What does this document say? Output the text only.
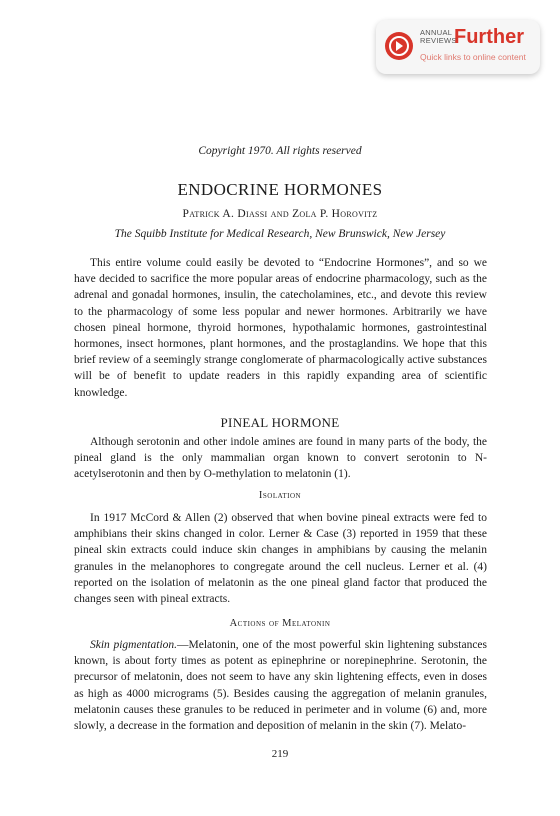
ANNUAL
REVIEWS
Further
Quick links to online content
Copyright 1970. All rights reserved
ENDOCRINE HORMONES
Patrick A. Diassi and Zola P. Horovitz
The Squibb Institute for Medical Research, New Brunswick, New Jersey

This entire volume could easily be devoted to “Endocrine Hormones”, and so we have decided to sacrifice the more popular areas of endocrine pharmacology, such as the adrenal and gonadal hormones, insulin, the catecholamines, etc., and devote this review to the pharmacology of some less popular and newer hormones. Arbitrarily we have chosen pineal hormone, thyroid hormones, hypothalamic hormones, gastrointestinal hormones, insect hormones, plant hormones, and the prostaglandins. We hope that this brief review of a seemingly strange conglomerate of pharmacologically active substances will be of benefit to update readers in this rapidly expanding area of scientific knowledge.

PINEAL HORMONE

Although serotonin and other indole amines are found in many parts of the body, the pineal gland is the only mammalian organ known to convert serotonin to N-acetylserotonin and then by O-methylation to melatonin (1).

Isolation

In 1917 McCord & Allen (2) observed that when bovine pineal extracts were fed to amphibians their skins changed in color. Lerner & Case (3) reported in 1959 that these pineal skin extracts could induce skin changes in amphibians by causing the melanin granules in the melanophores to congregate around the cell nucleus. Lerner et al. (4) reported on the isolation of melatonin as the one pineal gland factor that produced the changes seen with pineal extracts.

Actions of Melatonin

Skin pigmentation.—Melatonin, one of the most powerful skin lightening substances known, is about forty times as potent as epinephrine or norepinephrine. Serotonin, the precursor of melatonin, does not seem to have any skin lightening effects, even in doses as high as 4000 micrograms (5). Besides causing the aggregation of melanin granules, melatonin causes these granules to be reduced in perimeter and in volume (6) and, more slowly, a decrease in the formation and deposition of melanin in the skin (7). Melato-

219
